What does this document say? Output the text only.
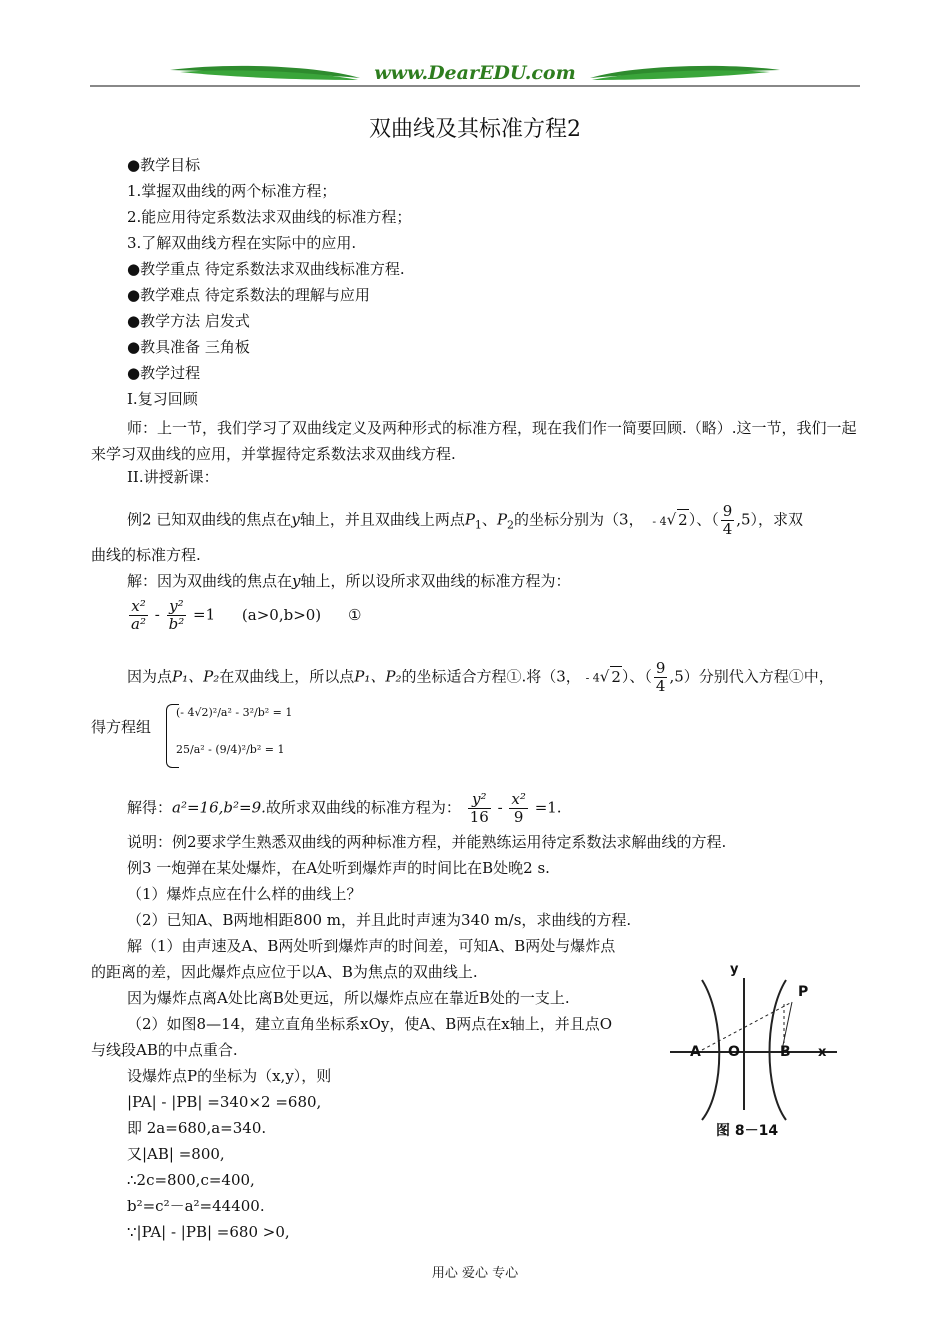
www.DearEDU.com
双曲线及其标准方程2
●教学目标
1.掌握双曲线的两个标准方程；
2.能应用待定系数法求双曲线的标准方程；
3.了解双曲线方程在实际中的应用.
●教学重点 待定系数法求双曲线标准方程.
●教学难点 待定系数法的理解与应用
●教学方法 启发式
●教具准备 三角板
●教学过程
I.复习回顾
师：上一节，我们学习了双曲线定义及两种形式的标准方程，现在我们作一简要回顾.（略）.这一节，我们一起来学习双曲线的应用，并掌握待定系数法求双曲线方程.
II.讲授新课：
例2 已知双曲线的焦点在y轴上，并且双曲线上两点$P_1$、$P_2$的坐标分别为（3， - 4√ 2）、（ $\frac{9}{4} ,5$），求双
曲线的标准方程.
解：因为双曲线的焦点在y轴上，所以设所求双曲线的标准方程为：
$\frac{\text{x²}}{\text{a²}} - \frac{\text{y²}}{\text{b²}} =1$ (a>0,b>0) ①
因为点P₁、P₂在双曲线上，所以点P₁、P₂的坐标适合方程①.将（3， - 4√ 2）、（ $\frac{9}{4} ,5$）分别代入方程①中，
得方程组
(- 4√2)²/a² - 3²/b² = 1
25/a² - (9/4)²/b² = 1
解得：a²=16,b²=9.故所求双曲线的标准方程为： $\frac{\text{y²}}{16} - \frac{\text{x²}}{9} =1$.
说明：例2要求学生熟悉双曲线的两种标准方程，并能熟练运用待定系数法求解曲线的方程.
例3 一炮弹在某处爆炸，在A处听到爆炸声的时间比在B处晚2 s.
（1）爆炸点应在什么样的曲线上？
（2）已知A、B两地相距800 m，并且此时声速为340 m/s，求曲线的方程.
解（1）由声速及A、B两处听到爆炸声的时间差，可知A、B两处与爆炸点
的距离的差，因此爆炸点应位于以A、B为焦点的双曲线上.
因为爆炸点离A处比离B处更远，所以爆炸点应在靠近B处的一支上.
（2）如图8—14，建立直角坐标系xOy，使A、B两点在x轴上，并且点O
与线段AB的中点重合.
设爆炸点P的坐标为（x,y），则
|PA| - |PB| =340×2 =680,
即 2a=680,a=340.
又|AB| =800,
∴2c=800,c=400,
b²=c²－a²=44400.
∵|PA| - |PB| =680 >0,
y
x
P
A O	B
图 8－14
用心 爱心 专心
